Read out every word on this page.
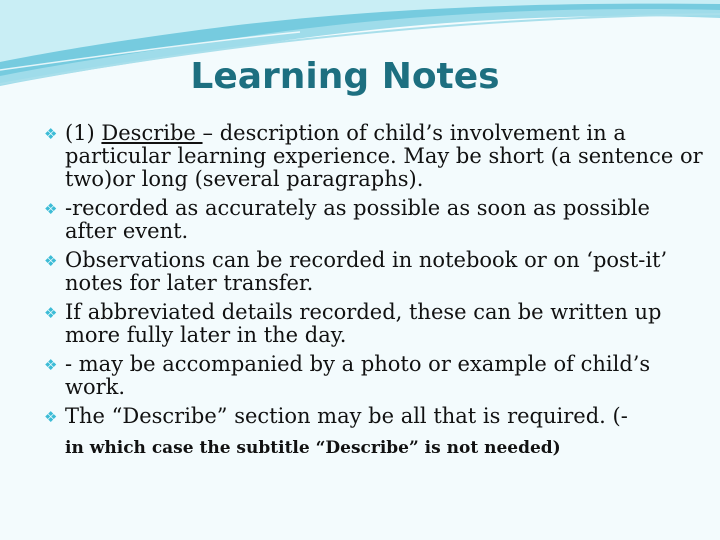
Learning Notes
❖ (1) Describe – description of child’s involvement in a particular learning experience. May be short (a sentence or two)or long (several paragraphs).
❖ -recorded as accurately as possible as soon as possible after event.
❖ Observations can be recorded in notebook or on ‘post-it’ notes for later transfer.
❖ If abbreviated details recorded, these can be written up more fully later in the day.
❖ - may be accompanied by a photo or example of child’s work.
❖ The “Describe” section may be all that is required. (-
in which case the subtitle “Describe” is not needed)
